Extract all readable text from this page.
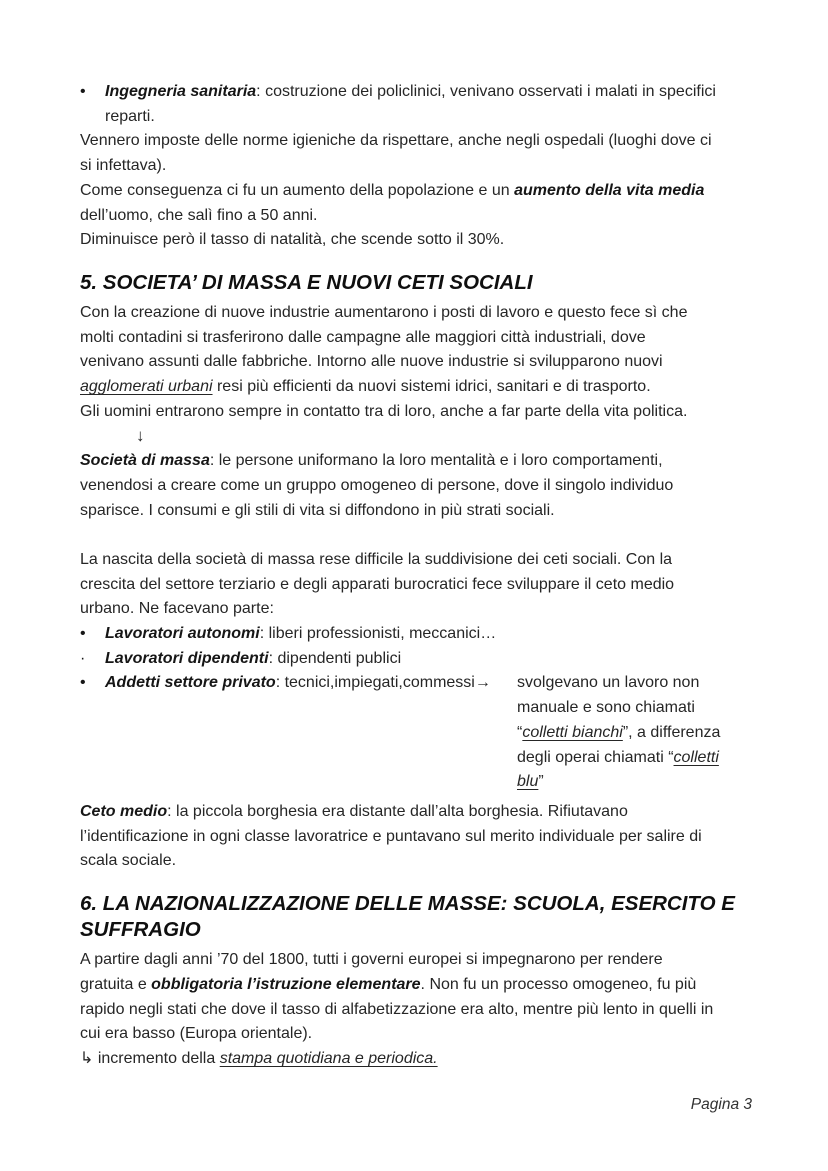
•	Ingegneria sanitaria: costruzione dei policlinici, venivano osservati i malati in specifici
reparti.
Vennero imposte delle norme igieniche da rispettare, anche negli ospedali (luoghi dove ci
si infettava).
Come conseguenza ci fu un aumento della popolazione e un aumento della vita media
dell’uomo, che salì fino a 50 anni.
Diminuisce però il tasso di natalità, che scende sotto il 30%.
5. SOCIETA’ DI MASSA E NUOVI CETI SOCIALI
Con la creazione di nuove industrie aumentarono i posti di lavoro e questo fece sì che
molti contadini si trasferirono dalle campagne alle maggiori città industriali, dove
venivano assunti dalle fabbriche. Intorno alle nuove industrie si svilupparono nuovi
agglomerati urbani resi più efficienti da nuovi sistemi idrici, sanitari e di trasporto.
Gli uomini entrarono sempre in contatto tra di loro, anche a far parte della vita politica.
↓
Società di massa: le persone uniformano la loro mentalità e i loro comportamenti,
venendosi a creare come un gruppo omogeneo di persone, dove il singolo individuo
sparisce. I consumi e gli stili di vita si diffondono in più strati sociali.
La nascita della società di massa rese difficile la suddivisione dei ceti sociali. Con la
crescita del settore terziario e degli apparati burocratici fece sviluppare il ceto medio
urbano. Ne facevano parte:
•	Lavoratori autonomi: liberi professionisti, meccanici…
·	Lavoratori dipendenti: dipendenti publici
•	Addetti settore privato: tecnici,impiegati,commessi→	svolgevano un lavoro non
manuale e sono chiamati
“colletti bianchi”, a differenza
degli operai chiamati “colletti
blu”
Ceto medio: la piccola borghesia era distante dall’alta borghesia. Rifiutavano
l’identificazione in ogni classe lavoratrice e puntavano sul merito individuale per salire di
scala sociale.
6. LA NAZIONALIZZAZIONE DELLE MASSE: SCUOLA, ESERCITO E SUFFRAGIO
A partire dagli anni ’70 del 1800, tutti i governi europei si impegnarono per rendere
gratuita e obbligatoria l’istruzione elementare. Non fu un processo omogeneo, fu più
rapido negli stati che dove il tasso di alfabetizzazione era alto, mentre più lento in quelli in
cui era basso (Europa orientale).
↳ incremento della stampa quotidiana e periodica.
Pagina 3
